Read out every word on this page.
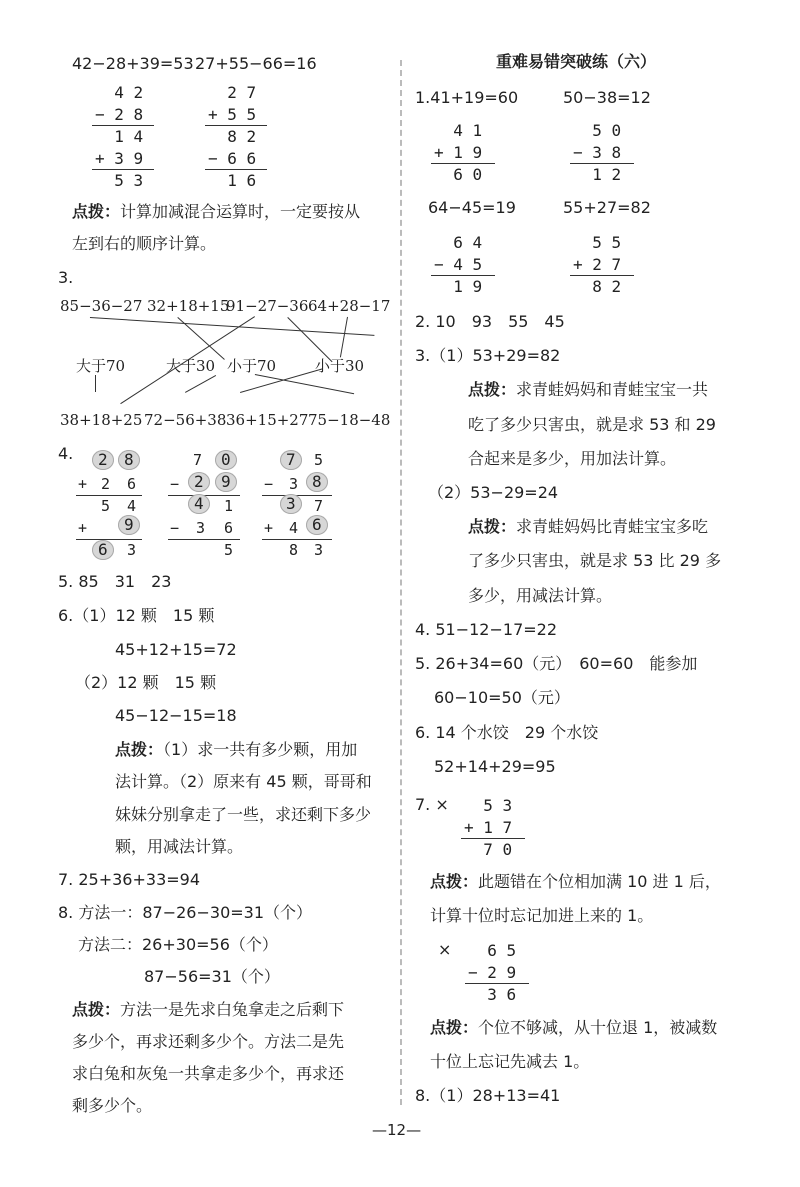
42−28+39=53 27+55−66=16
4 2
− 2 8
1 4
+ 3 9
5 3
2 7
+ 5 5
8 2
− 6 6
1 6
点拨：计算加减混合运算时，一定要按从
左到右的顺序计算。
3.
85−36−27 32+18+15
91−27−36 64+28−17
大于70	大于30 小于70	小于30
38+18+25 72−56+38 36+15+27 75−18−48
4. 2 8
+ 2 6
5 4
+ 9
6 3
7 0
− 2 9
4 1
− 3 6
5
7 5
− 3 8
3 7
+ 4 6
8 3
5. 85　31　23
6.（1）12 颗　15 颗
45+12+15=72
（2）12 颗　15 颗
45−12−15=18
点拨：（1）求一共有多少颗，用加
法计算。（2）原来有 45 颗，哥哥和
妹妹分别拿走了一些，求还剩下多少
颗，用减法计算。
7. 25+36+33=94
8. 方法一：87−26−30=31（个）
方法二：26+30=56（个）
87−56=31（个）
点拨：方法一是先求白兔拿走之后剩下
多少个，再求还剩多少个。方法二是先
求白兔和灰兔一共拿走多少个，再求还
剩多少个。
重难易错突破练（六）
1.41+19=60	50−38=12
4 1
+ 1 9
6 0
5 0
− 3 8
1 2
64−45=19	55+27=82
6 4
− 4 5
1 9
5 5
+ 2 7
8 2
2. 10　93　55　45
3.（1）53+29=82
点拨：求青蛙妈妈和青蛙宝宝一共
吃了多少只害虫，就是求 53 和 29
合起来是多少，用加法计算。
（2）53−29=24
点拨：求青蛙妈妈比青蛙宝宝多吃
了多少只害虫，就是求 53 比 29 多
多少，用减法计算。
4. 51−12−17=22
5. 26+34=60（元）　60=60　能参加
60−10=50（元）
6. 14 个水饺　29 个水饺
52+14+29=95
7. × 5 3
+ 1 7
7 0
点拨：此题错在个位相加满 10 进 1 后，
计算十位时忘记加进上来的 1。
× 6 5
− 2 9
3 6
点拨：个位不够减，从十位退 1，被减数
十位上忘记先减去 1。
8.（1）28+13=41
—12—
